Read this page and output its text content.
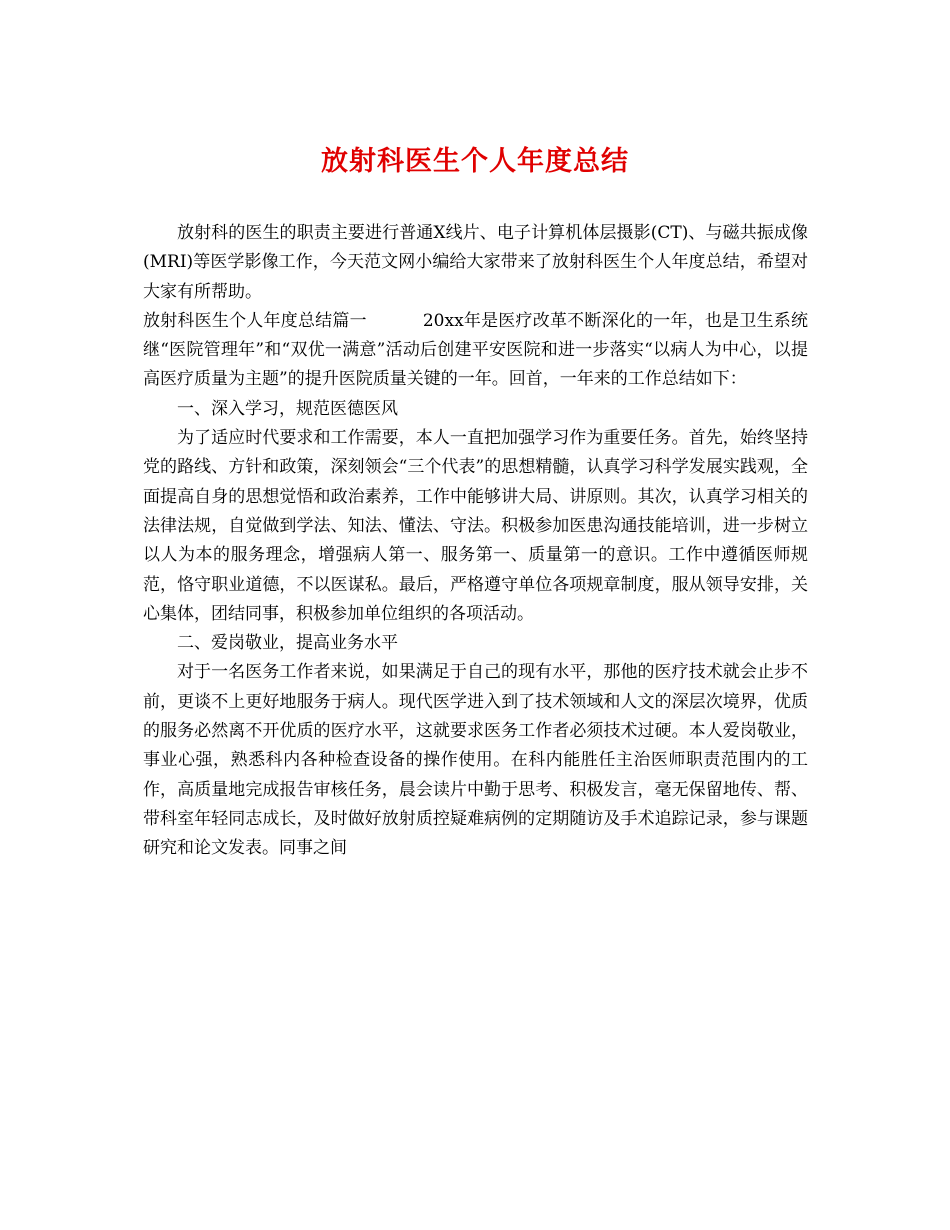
放射科医生个人年度总结

放射科的医生的职责主要进行普通X线片、电子计算机体层摄影(CT)、与磁共振成像(MRI)等医学影像工作，今天范文网小编给大家带来了放射科医生个人年度总结，希望对大家有所帮助。

放射科医生个人年度总结篇一	20xx年是医疗改革不断深化的一年，也是卫生系统继“医院管理年”和“双优一满意”活动后创建平安医院和进一步落实“以病人为中心，以提高医疗质量为主题”的提升医院质量关键的一年。回首，一年来的工作总结如下：

一、深入学习，规范医德医风

为了适应时代要求和工作需要，本人一直把加强学习作为重要任务。首先，始终坚持党的路线、方针和政策，深刻领会“三个代表”的思想精髓，认真学习科学发展实践观，全面提高自身的思想觉悟和政治素养，工作中能够讲大局、讲原则。其次，认真学习相关的法律法规，自觉做到学法、知法、懂法、守法。积极参加医患沟通技能培训，进一步树立以人为本的服务理念，增强病人第一、服务第一、质量第一的意识。工作中遵循医师规范，恪守职业道德，不以医谋私。最后，严格遵守单位各项规章制度，服从领导安排，关心集体，团结同事，积极参加单位组织的各项活动。

二、爱岗敬业，提高业务水平

对于一名医务工作者来说，如果满足于自己的现有水平，那他的医疗技术就会止步不前，更谈不上更好地服务于病人。现代医学进入到了技术领域和人文的深层次境界，优质的服务必然离不开优质的医疗水平，这就要求医务工作者必须技术过硬。本人爱岗敬业，事业心强，熟悉科内各种检查设备的操作使用。在科内能胜任主治医师职责范围内的工作，高质量地完成报告审核任务，晨会读片中勤于思考、积极发言，毫无保留地传、帮、带科室年轻同志成长，及时做好放射质控疑难病例的定期随访及手术追踪记录，参与课题研究和论文发表。同事之间
